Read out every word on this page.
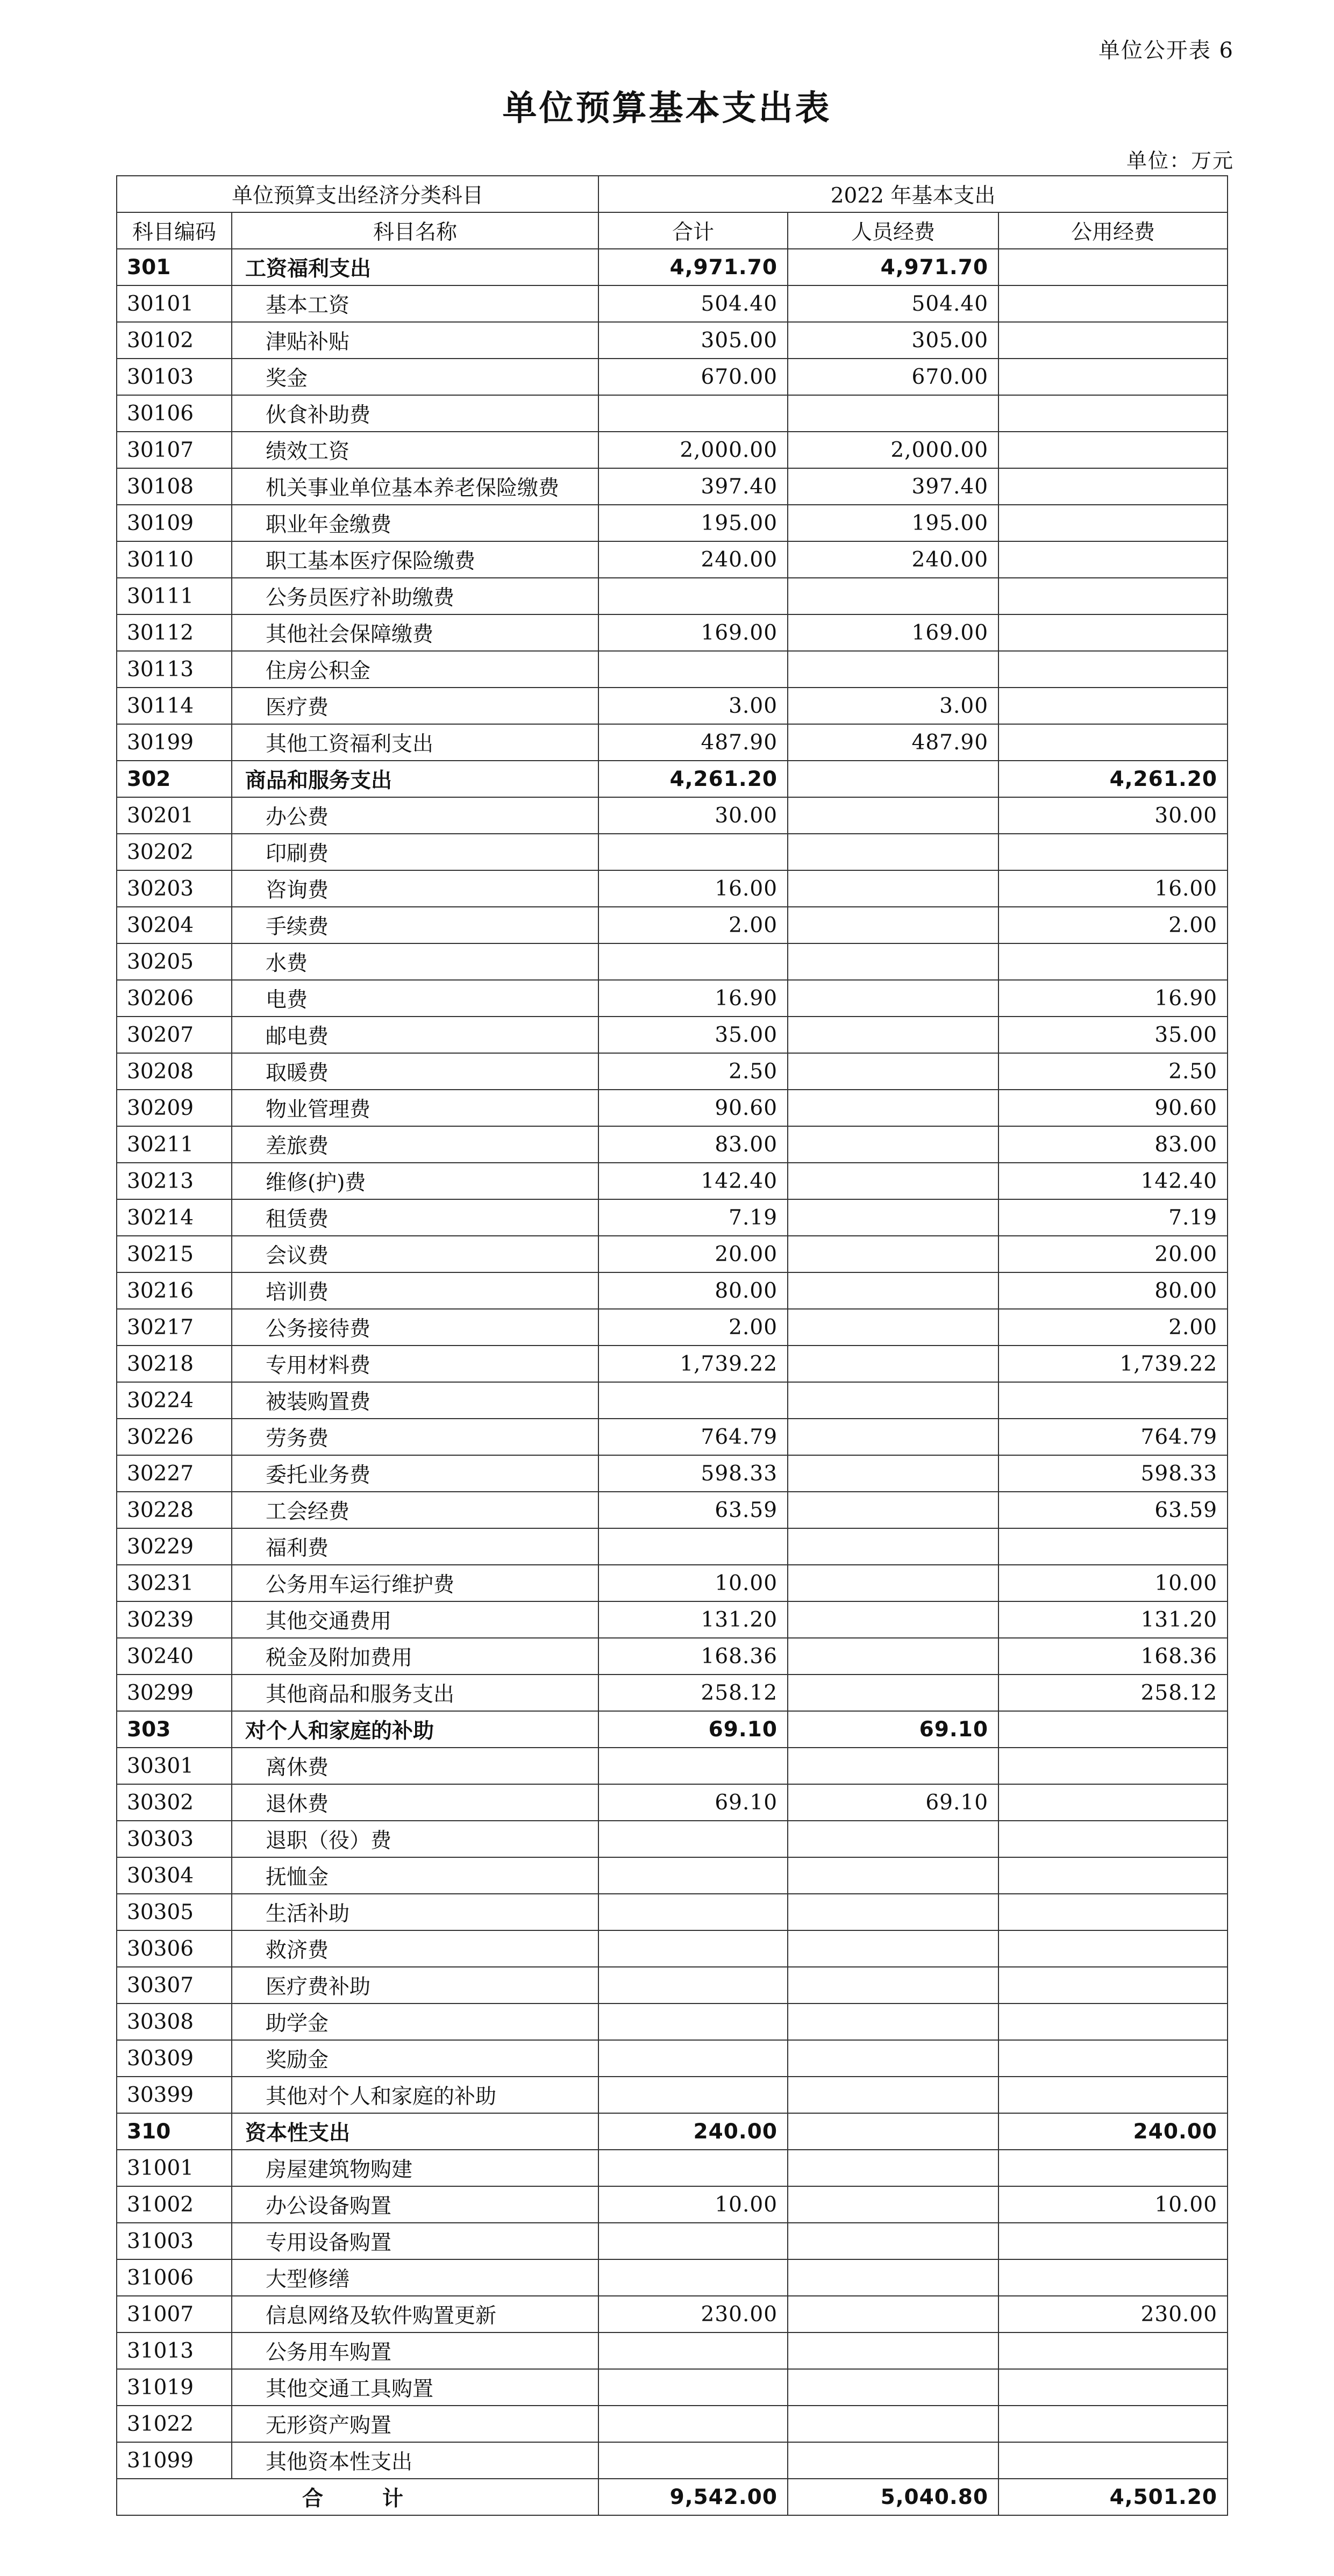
单位公开表 6
单位预算基本支出表
单位：万元
单位预算支出经济分类科目		2022 年基本支出		
科目编码	科目名称	合计	人员经费	公用经费
301	工资福利支出	4,971.70	4,971.70	
30101	基本工资	504.40	504.40	
30102	津贴补贴	305.00	305.00	
30103	奖金	670.00	670.00	
30106	伙食补助费			
30107	绩效工资	2,000.00	2,000.00	
30108	机关事业单位基本养老保险缴费	397.40	397.40	
30109	职业年金缴费	195.00	195.00	
30110	职工基本医疗保险缴费	240.00	240.00	
30111	公务员医疗补助缴费			
30112	其他社会保障缴费	169.00	169.00	
30113	住房公积金			
30114	医疗费	3.00	3.00	
30199	其他工资福利支出	487.90	487.90	
302	商品和服务支出	4,261.20		4,261.20
30201	办公费	30.00		30.00
30202	印刷费			
30203	咨询费	16.00		16.00
30204	手续费	2.00		2.00
30205	水费			
30206	电费	16.90		16.90
30207	邮电费	35.00		35.00
30208	取暖费	2.50		2.50
30209	物业管理费	90.60		90.60
30211	差旅费	83.00		83.00
30213	维修(护)费	142.40		142.40
30214	租赁费	7.19		7.19
30215	会议费	20.00		20.00
30216	培训费	80.00		80.00
30217	公务接待费	2.00		2.00
30218	专用材料费	1,739.22		1,739.22
30224	被装购置费			
30226	劳务费	764.79		764.79
30227	委托业务费	598.33		598.33
30228	工会经费	63.59		63.59
30229	福利费			
30231	公务用车运行维护费	10.00		10.00
30239	其他交通费用	131.20		131.20
30240	税金及附加费用	168.36		168.36
30299	其他商品和服务支出	258.12		258.12
303	对个人和家庭的补助	69.10	69.10	
30301	离休费			
30302	退休费	69.10	69.10	
30303	退职（役）费			
30304	抚恤金			
30305	生活补助			
30306	救济费			
30307	医疗费补助			
30308	助学金			
30309	奖励金			
30399	其他对个人和家庭的补助			
310	资本性支出	240.00		240.00
31001	房屋建筑物购建			
31002	办公设备购置	10.00		10.00
31003	专用设备购置			
31006	大型修缮			
31007	信息网络及软件购置更新	230.00		230.00
31013	公务用车购置			
31019	其他交通工具购置			
31022	无形资产购置			
31099	其他资本性支出			
合计		9,542.00	5,040.80	4,501.20
